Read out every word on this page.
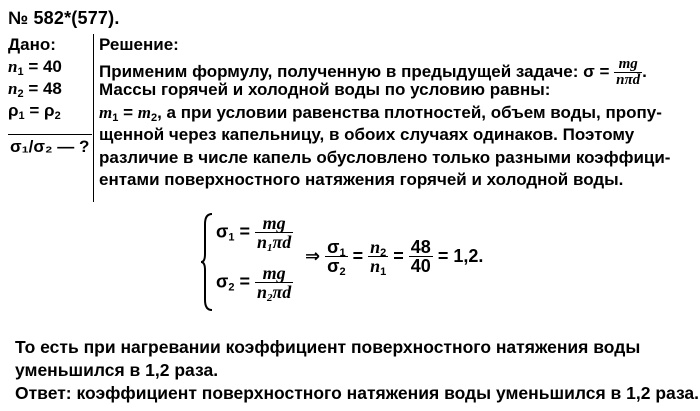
№ 582*(577).
Дано:
$n_1 = 40$
$n_2 = 48$
$\rho_1 = \rho_2$
σ₁/σ₂ — ?
Решение:
Применим формулу, полученную в предыдущей задаче: $\sigma = \frac{mg}{\text{nπd}}$ .
Массы горячей и холодной воды по условию равны:
$m_1 = m_2$, а при условии равенства плотностей, объем воды, пропу-
щенной через капельницу, в обоих случаях одинаков. Поэтому
различие в числе капель обусловлено только разными коэффици-
ентами поверхностного натяжения горячей и холодной воды.
$\sigma_1 = \frac{mg}{n_1\pi d}$
$\sigma_2 = \frac{mg}{n_2\pi d}$
⇒ $\frac{\sigma_1}{\sigma_2} = \frac{n_2}{n_1} = \frac{48}{40} = 1,2$.
То есть при нагревании коэффициент поверхностного натяжения воды
уменьшился в 1,2 раза.
Ответ: коэффициент поверхностного натяжения воды уменьшился в 1,2 раза.
